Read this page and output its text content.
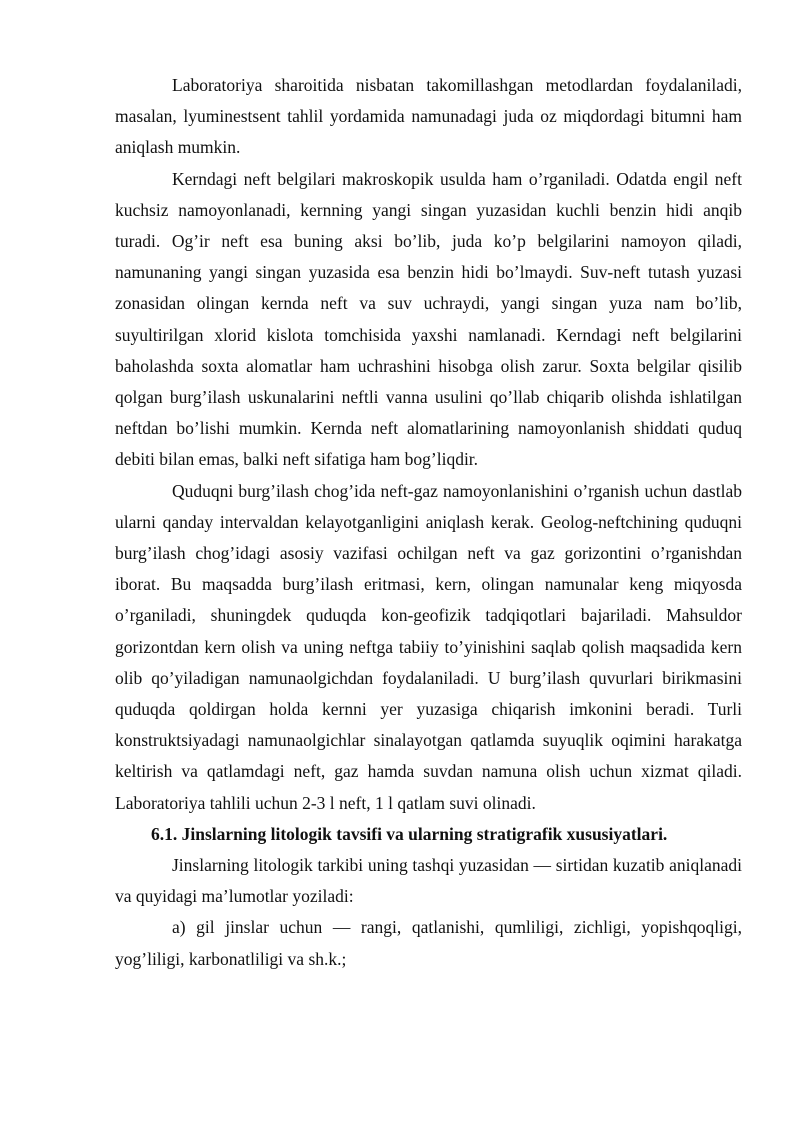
Laboratoriya sharoitida nisbatan takomillashgan metodlardan foydalaniladi, masalan, lyuminestsent tahlil yordamida namunadagi juda oz miqdordagi bitumni ham aniqlash mumkin.

Kerndagi neft belgilari makroskopik usulda ham o’rganiladi. Odatda engil neft kuchsiz namoyonlanadi, kernning yangi singan yuzasidan kuchli benzin hidi anqib turadi. Og’ir neft esa buning aksi bo’lib, juda ko’p belgilarini namoyon qiladi, namunaning yangi singan yuzasida esa benzin hidi bo’lmaydi. Suv-neft tutash yuzasi zonasidan olingan kernda neft va suv uchraydi, yangi singan yuza nam bo’lib, suyultirilgan xlorid kislota tomchisida yaxshi namlanadi. Kerndagi neft belgilarini baholashda soxta alomatlar ham uchrashini hisobga olish zarur. Soxta belgilar qisilib qolgan burg’ilash uskunalarini neftli vanna usulini qo’llab chiqarib olishda ishlatilgan neftdan bo’lishi mumkin. Kernda neft alomatlarining namoyonlanish shiddati quduq debiti bilan emas, balki neft sifatiga ham bog’liqdir.

Quduqni burg’ilash chog’ida neft-gaz namoyonlanishini o’rganish uchun dastlab ularni qanday intervaldan kelayotganligini aniqlash kerak. Geolog-neftchining quduqni burg’ilash chog’idagi asosiy vazifasi ochilgan neft va gaz gorizontini o’rganishdan iborat. Bu maqsadda burg’ilash eritmasi, kern, olingan namunalar keng miqyosda o’rganiladi, shuningdek quduqda kon-geofizik tadqiqotlari bajariladi. Mahsuldor gorizontdan kern olish va uning neftga tabiiy to’yinishini saqlab qolish maqsadida kern olib qo’yiladigan namunaolgichdan foydalaniladi. U burg’ilash quvurlari birikmasini quduqda qoldirgan holda kernni yer yuzasiga chiqarish imkonini beradi. Turli konstruktsiyadagi namunaolgichlar sinalayotgan qatlamda suyuqlik oqimini harakatga keltirish va qatlamdagi neft, gaz hamda suvdan namuna olish uchun xizmat qiladi. Laboratoriya tahlili uchun 2-3 l neft, 1 l qatlam suvi olinadi.

6.1. Jinslarning litologik tavsifi va ularning stratigrafik xususiyatlari.

Jinslarning litologik tarkibi uning tashqi yuzasidan — sirtidan kuzatib aniqlanadi va quyidagi ma’lumotlar yoziladi:

a) gil jinslar uchun — rangi, qatlanishi, qumliligi, zichligi, yopishqoqligi, yog’liligi, karbonatliligi va sh.k.;
